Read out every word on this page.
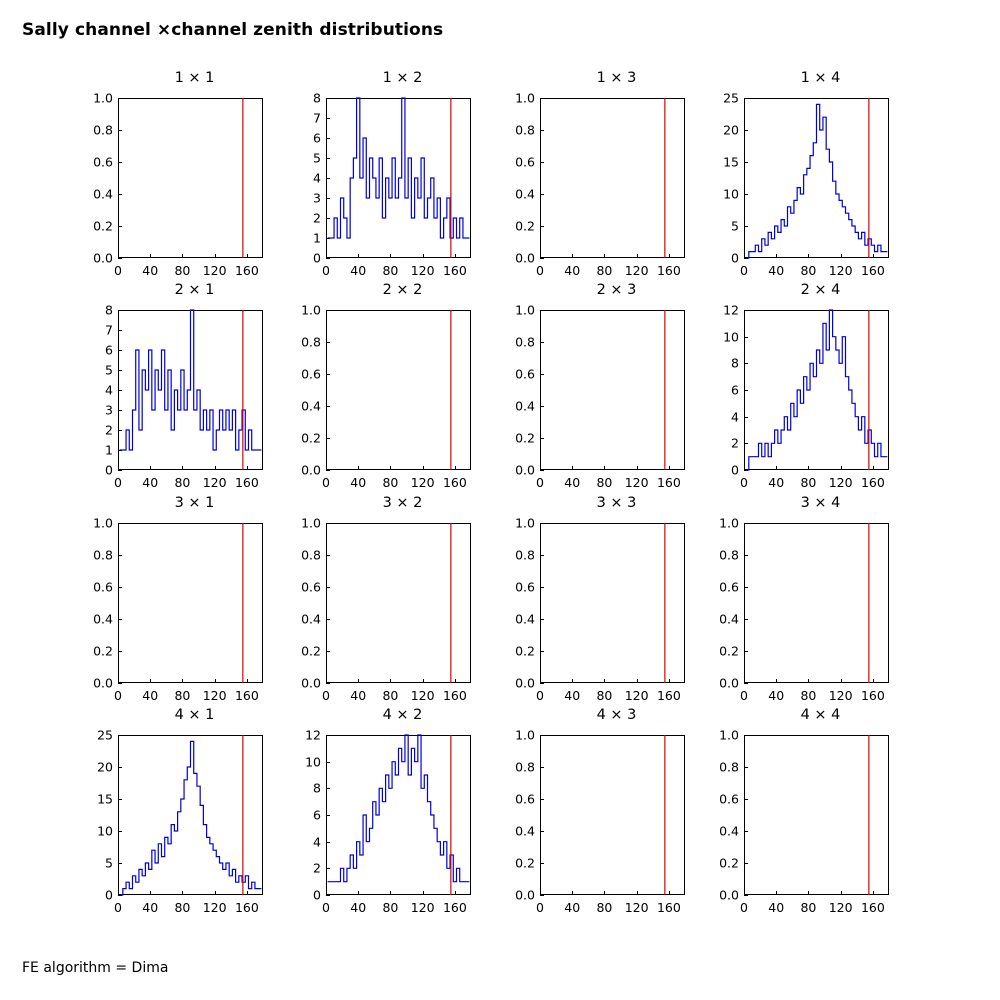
Sally channel ×channel zenith distributions
1 × 1
0.0
0.2
0.4
0.6
0.8
1.0
0 40 80 120 160
1 × 2
0
1
2
3
4
5
6
7
8
0 40 80 120 160
1 × 3
0.0
0.2
0.4
0.6
0.8
1.0
0 40 80 120 160
1 × 4
0
5
10
15
20
25
0 40 80 120 160
2 × 1
0
1
2
3
4
5
6
7
8
0 40 80 120 160
2 × 2
0.0
0.2
0.4
0.6
0.8
1.0
0 40 80 120 160
2 × 3
0.0
0.2
0.4
0.6
0.8
1.0
0 40 80 120 160
2 × 4
0
2
4
6
8
10
12
0 40 80 120 160
3 × 1
0.0
0.2
0.4
0.6
0.8
1.0
0 40 80 120 160
3 × 2
0.0
0.2
0.4
0.6
0.8
1.0
0 40 80 120 160
3 × 3
0.0
0.2
0.4
0.6
0.8
1.0
0 40 80 120 160
3 × 4
0.0
0.2
0.4
0.6
0.8
1.0
0 40 80 120 160
4 × 1
0
5
10
15
20
25
0 40 80 120 160
4 × 2
0
2
4
6
8
10
12
0 40 80 120 160
4 × 3
0.0
0.2
0.4
0.6
0.8
1.0
0 40 80 120 160
4 × 4
0.0
0.2
0.4
0.6
0.8
1.0
0 40 80 120 160
FE algorithm = Dima
